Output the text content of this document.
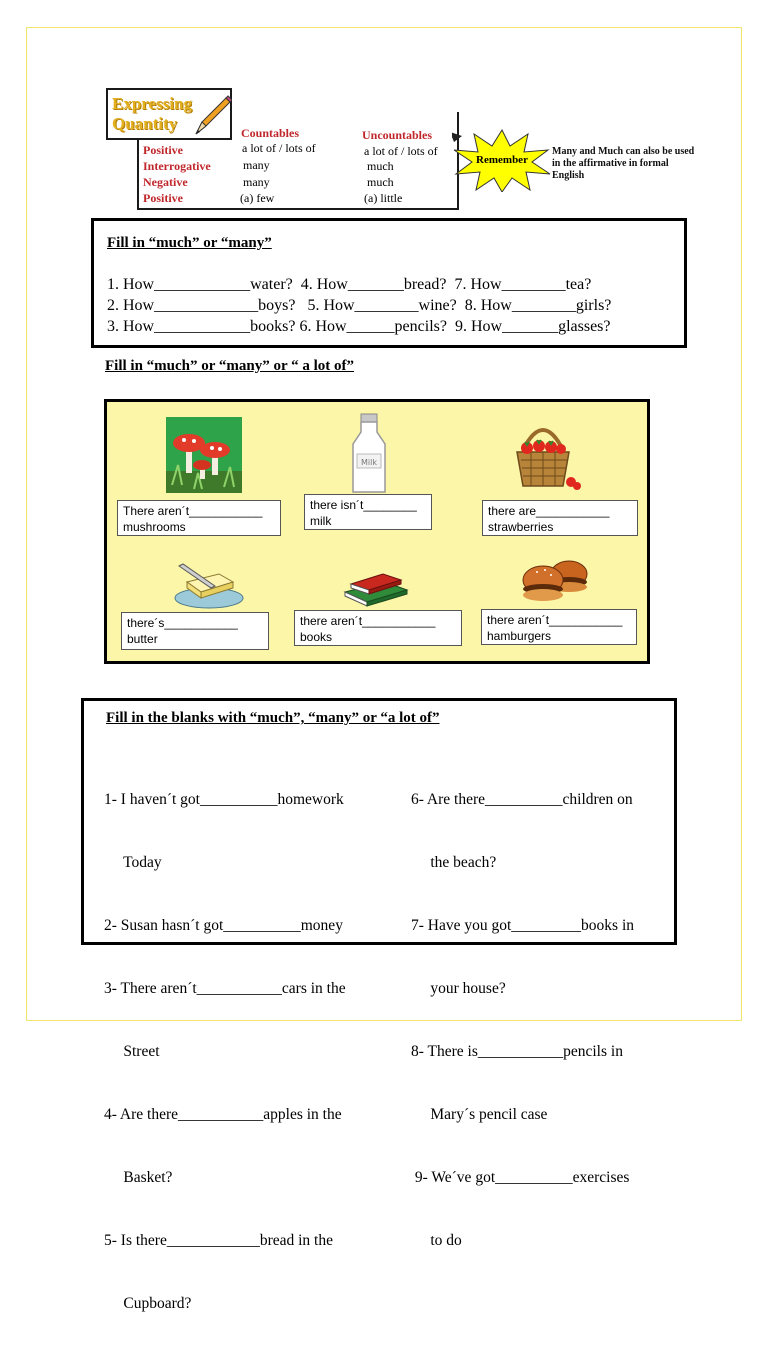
Positive
Interrogative
Negative
Positive
Countables	Uncountables
a lot of / lots of
many
many
(a) few
a lot of / lots of
much
much
(a) little
Expressing
Quantity
Remember
Many and Much can also be used in the affirmative in formal English
Fill in “much” or “many”
1. How____________water?  4. How_______bread?  7. How________tea?
2. How_____________boys?   5. How________wine?  8. How________girls?
3. How____________books? 6. How______pencils?  9. How_______glasses?
Fill in “much” or “many” or “ a lot of”
There aren´t___________
mushrooms
Milk
there isn´t________
milk
there are___________
strawberries
there´s___________
butter
there aren´t___________
books
there aren´t___________
hamburgers
Fill in the blanks with “much”, “many” or “a lot of”

1- I haven´t got__________homework

Today

2- Susan hasn´t got__________money

3- There aren´t___________cars in the

Street

4- Are there___________apples in the

Basket?

5- Is there____________bread in the

Cupboard?

6- Are there__________children on

the beach?

7- Have you got_________books in

your house?

8- There is___________pencils in

Mary´s pencil case

9- We´ve got__________exercises

to do
